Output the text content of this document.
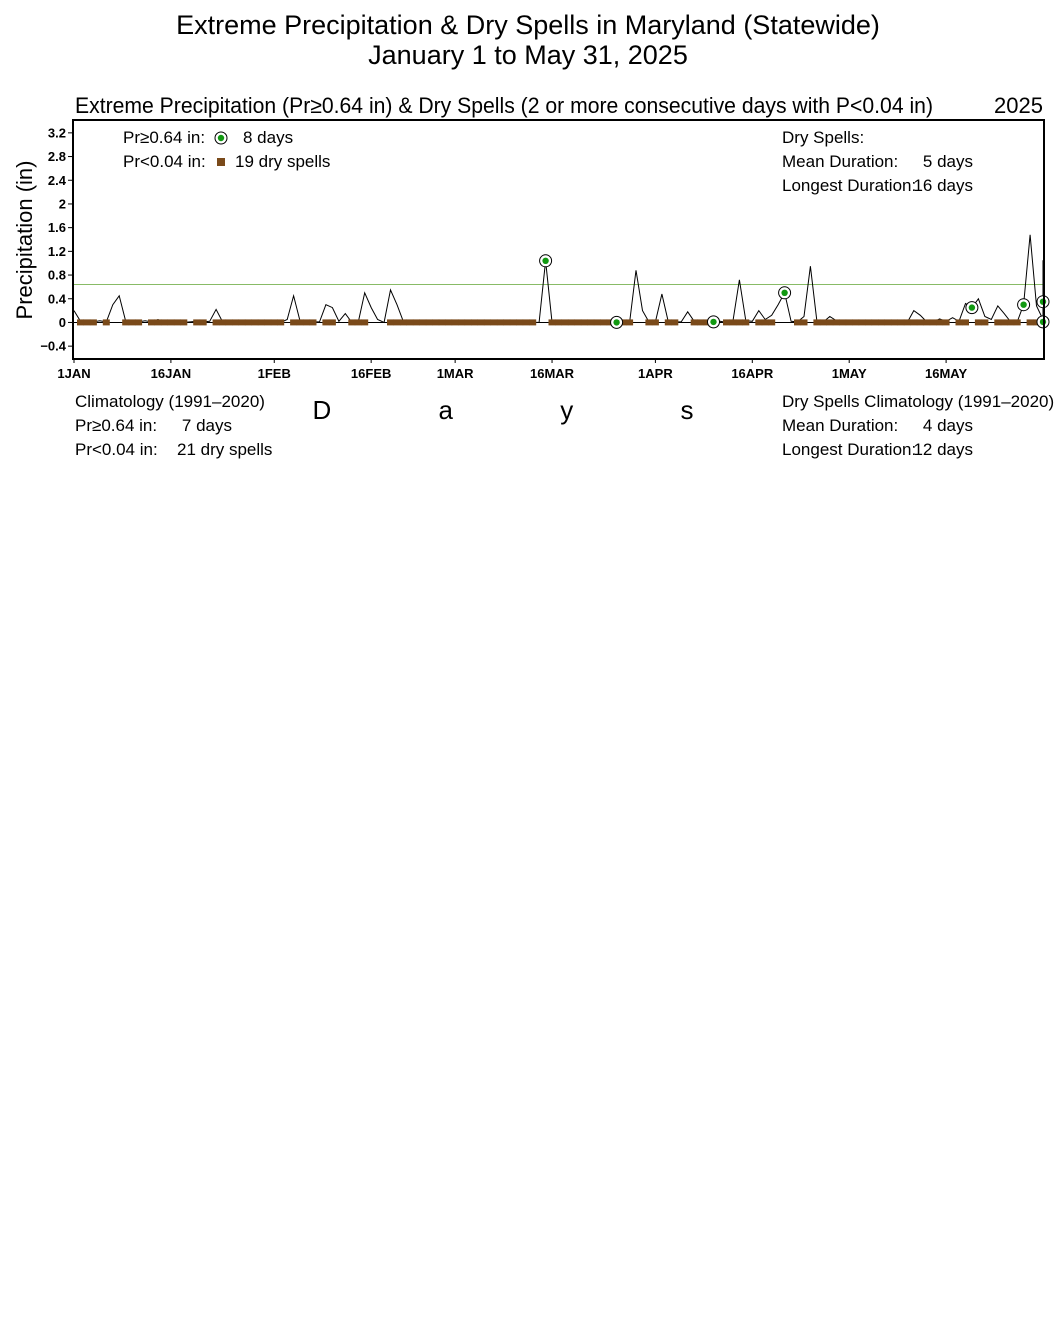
Extreme Precipitation & Dry Spells in Maryland (Statewide)
January 1 to May 31, 2025
Extreme Precipitation (Pr≥0.64 in) & Dry Spells (2 or more consecutive days with P<0.04 in)	2025
Precipitation (in)
−0.4
0
0.4
0.8
1.2
1.6
2
2.4
2.8
3.2
1JAN	16JAN	1FEB	16FEB	1MAR	16MAR	1APR	16APR	1MAY	16MAY
Pr≥0.64 in: 8 days
Pr<0.04 in: 19 dry spells
Dry Spells:
Mean Duration: 5 days
Longest Duration:
16 days
D a y s
Climatology (1991–2020)
Pr≥0.64 in: 7 days
Pr<0.04 in: 21 dry spells
Dry Spells Climatology (1991–2020)
Mean Duration: 4 days
Longest Duration:
12 days
